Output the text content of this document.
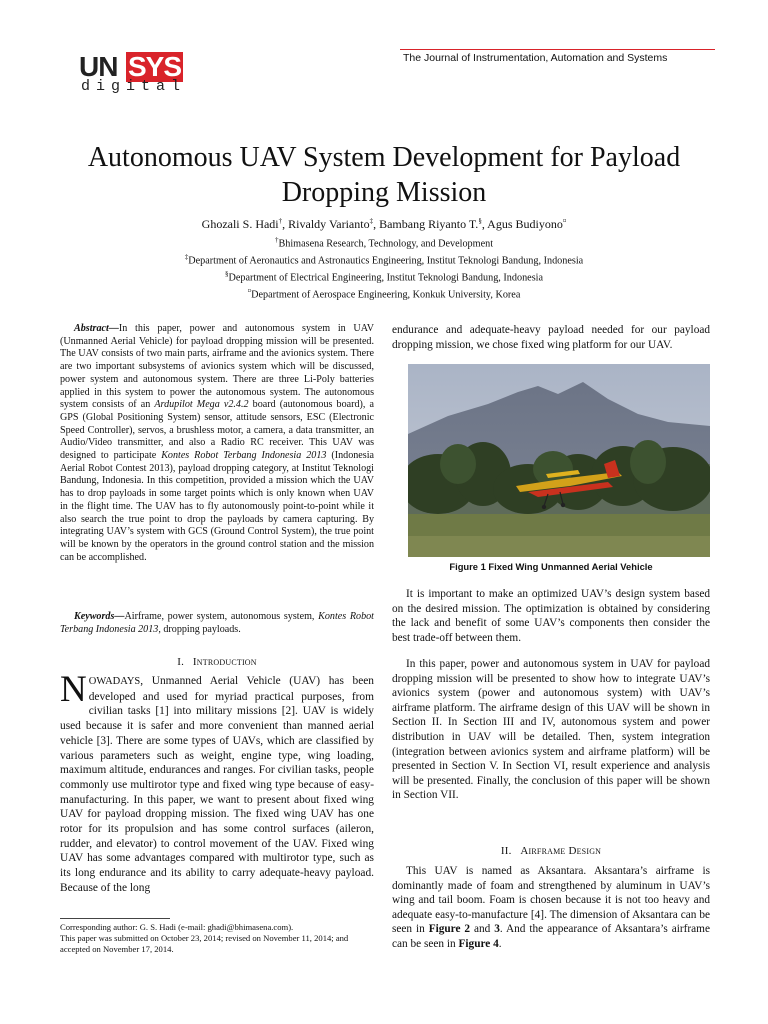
UN SYS
digital
The Journal of Instrumentation, Automation and Systems
Autonomous UAV System Development for Payload
Dropping Mission
Ghozali S. Hadi†, Rivaldy Varianto‡, Bambang Riyanto T.§, Agus Budiyono¤
†Bhimasena Research, Technology, and Development
‡Department of Aeronautics and Astronautics Engineering, Institut Teknologi Bandung, Indonesia
§Department of Electrical Engineering, Institut Teknologi Bandung, Indonesia
¤Department of Aerospace Engineering, Konkuk University, Korea
Abstract—In this paper, power and autonomous system in UAV (Unmanned Aerial Vehicle) for payload dropping mission will be presented. The UAV consists of two main parts, airframe and the avionics system. There are two important subsystems of avionics system which will be discussed, power system and autonomous system. There are three Li-Poly batteries applied in this system to power the autonomous system. The autonomous system consists of an Ardupilot Mega v2.4.2 board (autonomous board), a GPS (Global Positioning System) sensor, attitude sensors, ESC (Electronic Speed Controller), servos, a brushless motor, a camera, a data transmitter, an Audio/Video transmitter, and also a Radio RC receiver. This UAV was designed to participate Kontes Robot Terbang Indonesia 2013 (Indonesia Aerial Robot Contest 2013), payload dropping category, at Institut Teknologi Bandung, Indonesia. In this competition, provided a mission which the UAV has to drop payloads in some target points which is only known when UAV in the flight time. The UAV has to fly autonomously point-to-point while it also search the true point to drop the payloads by camera capturing. By integrating UAV’s system with GCS (Ground Control System), the true point will be known by the operators in the ground control station and the mission can be accomplished.
Keywords—Airframe, power system, autonomous system, Kontes Robot Terbang Indonesia 2013, dropping payloads.
I. Introduction
NOWADAYS, Unmanned Aerial Vehicle (UAV) has been developed and used for myriad practical purposes, from civilian tasks [1] into military missions [2]. UAV is widely used because it is safer and more convenient than manned aerial vehicle [3]. There are some types of UAVs, which are classified by various parameters such as weight, engine type, wing loading, maximum altitude, endurances and ranges. For civilian tasks, people commonly use multirotor type and fixed wing type because of easy-manufacturing. In this paper, we want to present about fixed wing UAV for payload dropping mission. The fixed wing UAV has one rotor for its propulsion and has some control surfaces (aileron, rudder, and elevator) to control movement of the UAV. Fixed wing UAV has some advantages compared with multirotor type, such as its long endurance and its ability to carry adequate-heavy payload. Because of the long
Corresponding author: G. S. Hadi (e-mail: ghadi@bhimasena.com).
This paper was submitted on October 23, 2014; revised on November 11, 2014; and accepted on November 17, 2014.
endurance and adequate-heavy payload needed for our payload dropping mission, we chose fixed wing platform for our UAV.
Figure 1 Fixed Wing Unmanned Aerial Vehicle
It is important to make an optimized UAV’s design system based on the desired mission. The optimization is obtained by considering the lack and benefit of some UAV’s components then consider the best trade-off between them.
In this paper, power and autonomous system in UAV for payload dropping mission will be presented to show how to integrate UAV’s avionics system (power and autonomous system) with UAV’s airframe platform. The airframe design of this UAV will be shown in Section II. In Section III and IV, autonomous system and power distribution in UAV will be detailed. Then, system integration (integration between avionics system and airframe platform) will be presented in Section V. In Section VI, result experience and analysis will be presented. Finally, the conclusion of this paper will be shown in Section VII.
II. Airframe Design
This UAV is named as Aksantara. Aksantara’s airframe is dominantly made of foam and strengthened by aluminum in UAV’s wing and tail boom. Foam is chosen because it is not too heavy and adequate easy-to-manufacture [4]. The dimension of Aksantara can be seen in Figure 2 and 3. And the appearance of Aksantara’s airframe can be seen in Figure 4.
